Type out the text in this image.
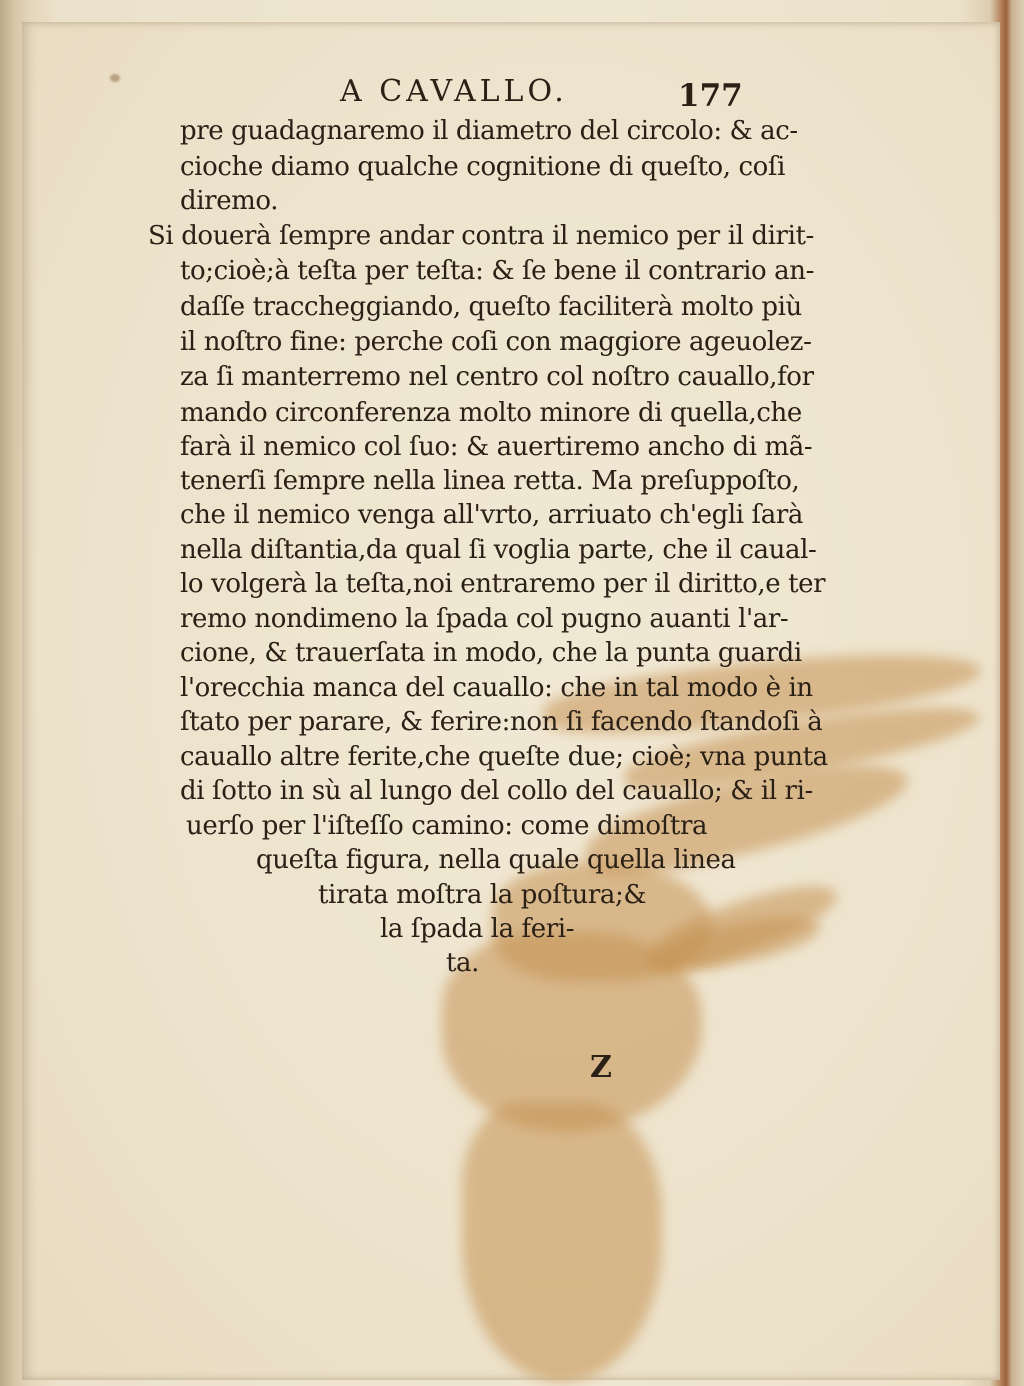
A CAVALLO.	177
pre guadagnaremo il diametro del circolo: & ac-
cioche diamo qualche cognitione di queſto, coſi
diremo.
Si douerà ſempre andar contra il nemico per il dirit-
to;cioè;à teſta per teſta: & ſe bene il contrario an-
daſſe traccheggiando, queſto faciliterà molto più
il noſtro fine: perche coſi con maggiore ageuolez-
za ſi manterremo nel centro col noſtro cauallo,for
mando circonferenza molto minore di quella,che
farà il nemico col ſuo: & auertiremo ancho di mã-
tenerſi ſempre nella linea retta. Ma preſuppoſto,
che il nemico venga all'vrto, arriuato ch'egli ſarà
nella diſtantia,da qual ſi voglia parte, che il caual-
lo volgerà la teſta,noi entraremo per il diritto,e ter
remo nondimeno la ſpada col pugno auanti l'ar-
cione, & trauerſata in modo, che la punta guardi
l'orecchia manca del cauallo: che in tal modo è in
ſtato per parare, & ferire:non ſi facendo ſtandoſi à
cauallo altre ferite,che queſte due; cioè; vna punta
di ſotto in sù al lungo del collo del cauallo; & il ri-
uerſo per l'iſteſſo camino: come dimoſtra
queſta figura, nella quale quella linea
tirata moſtra la poſtura;&
la ſpada la feri-
ta.
Z
